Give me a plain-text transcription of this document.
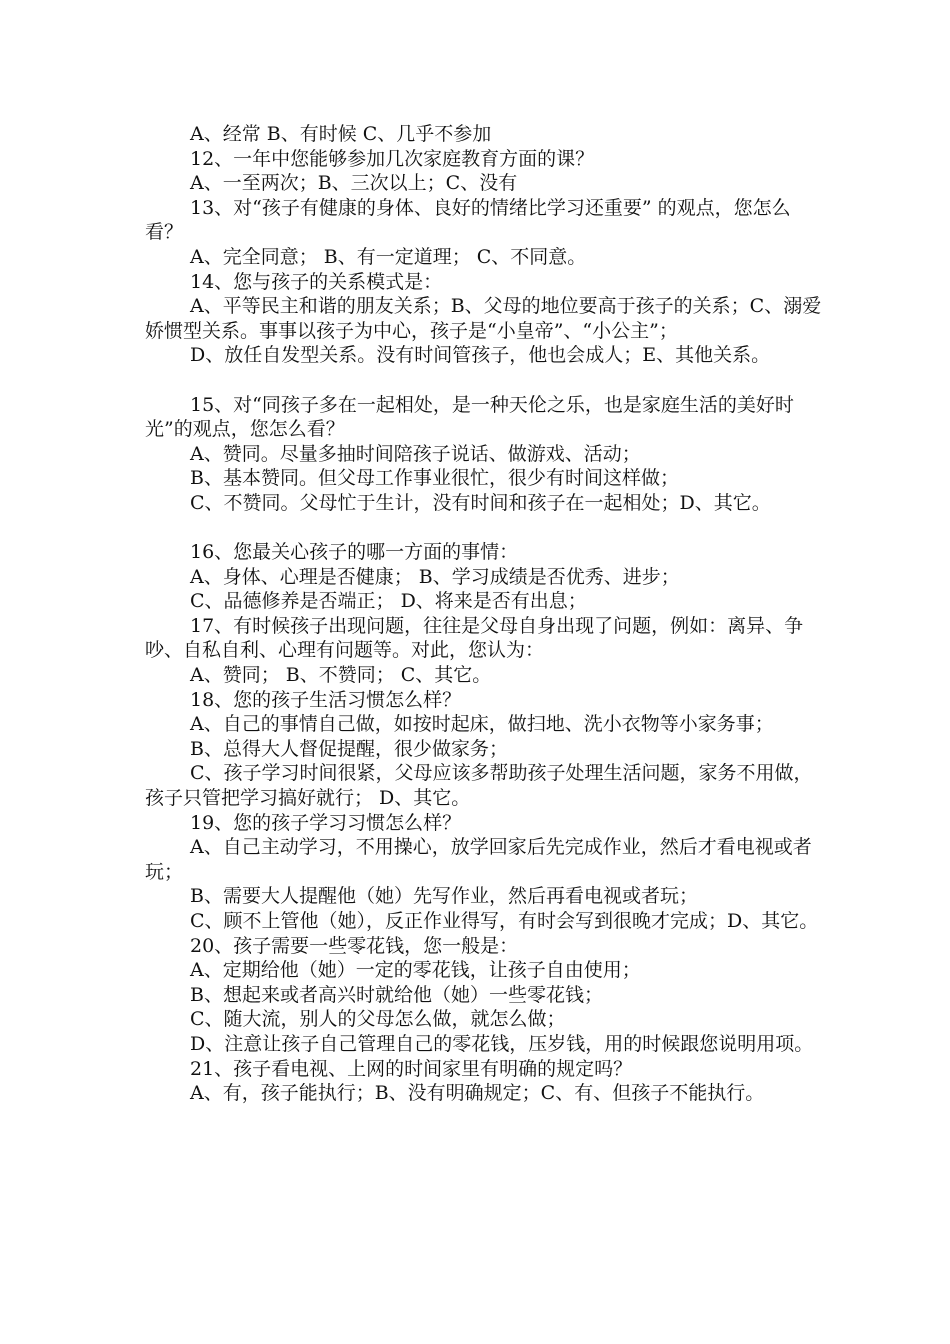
A、经常 B、有时候 C、几乎不参加

12、一年中您能够参加几次家庭教育方面的课？

A、一至两次；B、三次以上；C、没有

13、对“孩子有健康的身体、良好的情绪比学习还重要” 的观点，您怎么看？

A、完全同意； B、有一定道理； C、不同意。

14、您与孩子的关系模式是：

A、平等民主和谐的朋友关系；B、父母的地位要高于孩子的关系；C、溺爱娇惯型关系。事事以孩子为中心，孩子是“小皇帝”、“小公主”；

D、放任自发型关系。没有时间管孩子，他也会成人；E、其他关系。

15、对“同孩子多在一起相处，是一种天伦之乐，也是家庭生活的美好时光”的观点，您怎么看？

A、赞同。尽量多抽时间陪孩子说话、做游戏、活动；

B、基本赞同。但父母工作事业很忙，很少有时间这样做；

C、不赞同。父母忙于生计，没有时间和孩子在一起相处；D、其它。

16、您最关心孩子的哪一方面的事情：

A、身体、心理是否健康； B、学习成绩是否优秀、进步；

C、品德修养是否端正； D、将来是否有出息；

17、有时候孩子出现问题，往往是父母自身出现了问题，例如：离异、争吵、自私自利、心理有问题等。对此，您认为：

A、赞同； B、不赞同； C、其它。

18、您的孩子生活习惯怎么样？

A、自己的事情自己做，如按时起床，做扫地、洗小衣物等小家务事；

B、总得大人督促提醒，很少做家务；

C、孩子学习时间很紧，父母应该多帮助孩子处理生活问题，家务不用做，孩子只管把学习搞好就行； D、其它。

19、您的孩子学习习惯怎么样？

A、自己主动学习，不用操心，放学回家后先完成作业，然后才看电视或者玩；

B、需要大人提醒他（她）先写作业，然后再看电视或者玩；

C、顾不上管他（她），反正作业得写，有时会写到很晚才完成；D、其它。

20、孩子需要一些零花钱，您一般是：

A、定期给他（她）一定的零花钱，让孩子自由使用；

B、想起来或者高兴时就给他（她）一些零花钱；

C、随大流，别人的父母怎么做，就怎么做；

D、注意让孩子自己管理自己的零花钱，压岁钱，用的时候跟您说明用项。

21、孩子看电视、上网的时间家里有明确的规定吗？

A、有，孩子能执行；B、没有明确规定；C、有、但孩子不能执行。
